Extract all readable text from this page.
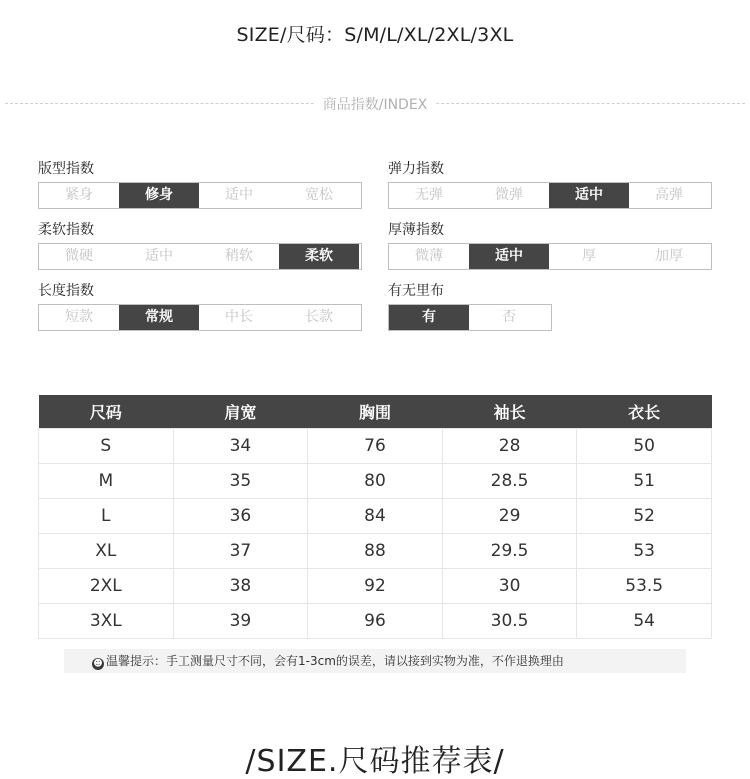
SIZE/尺码：S/M/L/XL/2XL/3XL
商品指数/INDEX
版型指数
紧身	修身	适中	宽松
柔软指数
微硬	适中	稍软	柔软
长度指数
短款	常规	中长	长款
弹力指数
无弹	微弹	适中	高弹
厚薄指数
微薄	适中	厚	加厚
有无里布
有	否
尺码	肩宽	胸围	袖长	衣长
S	34	76	28	50
M	35	80	28.5	51
L	36	84	29	52
XL	37	88	29.5	53
2XL	38	92	30	53.5
3XL	39	96	30.5	54
☻ 温馨提示：手工测量尺寸不同，会有1-3cm的误差，请以接到实物为准，不作退换理由
/SIZE.尺码推荐表/
